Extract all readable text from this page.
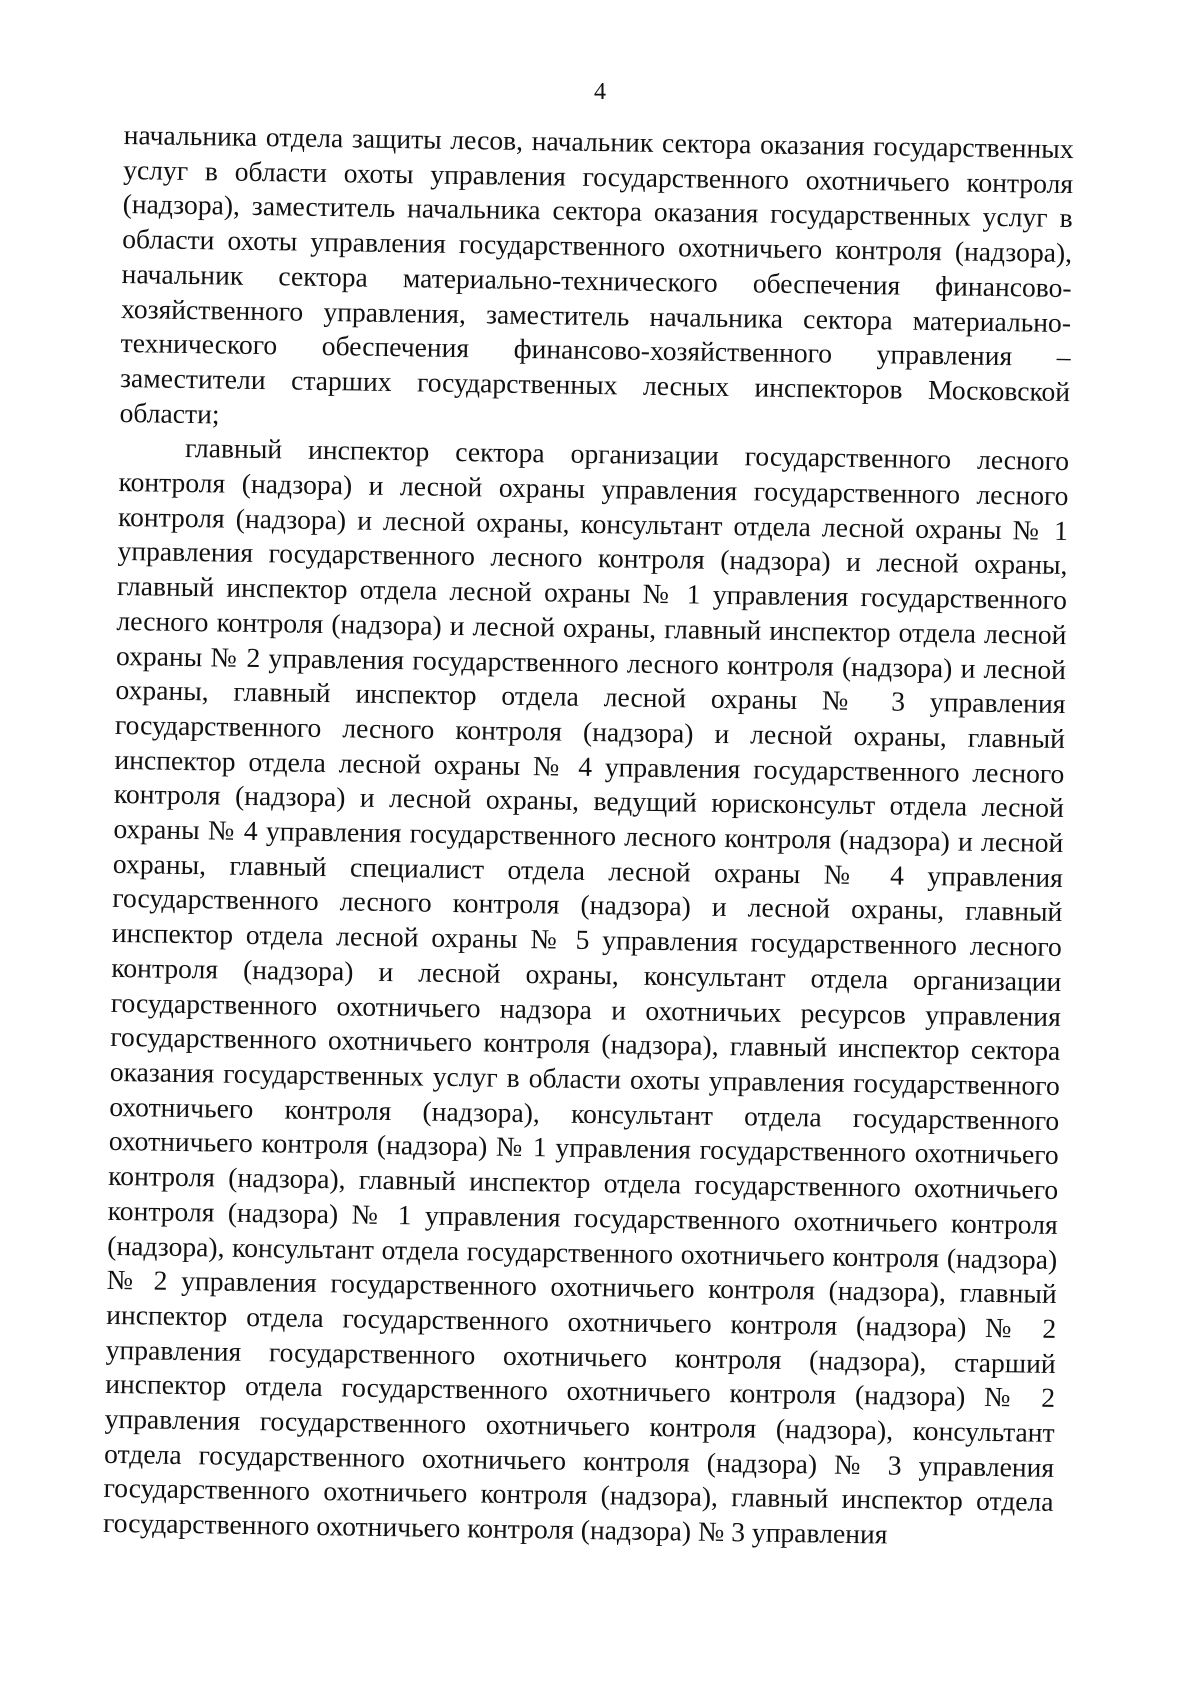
4

начальника отдела защиты лесов, начальник сектора оказания государственных услуг в области охоты управления государственного охотничьего контроля (надзора), заместитель начальника сектора оказания государственных услуг в области охоты управления государственного охотничьего контроля (надзора), начальник сектора материально-технического обеспечения финансово-хозяйственного управления, заместитель начальника сектора материально-технического обеспечения финансово-хозяйственного управления – заместители старших государственных лесных инспекторов Московской области;

главный инспектор сектора организации государственного лесного контроля (надзора) и лесной охраны управления государственного лесного контроля (надзора) и лесной охраны, консультант отдела лесной охраны № 1 управления государственного лесного контроля (надзора) и лесной охраны, главный инспектор отдела лесной охраны № 1 управления государственного лесного контроля (надзора) и лесной охраны, главный инспектор отдела лесной охраны № 2 управления государственного лесного контроля (надзора) и лесной охраны, главный инспектор отдела лесной охраны № 3 управления государственного лесного контроля (надзора) и лесной охраны, главный инспектор отдела лесной охраны № 4 управления государственного лесного контроля (надзора) и лесной охраны, ведущий юрисконсульт отдела лесной охраны № 4 управления государственного лесного контроля (надзора) и лесной охраны, главный специалист отдела лесной охраны № 4 управления государственного лесного контроля (надзора) и лесной охраны, главный инспектор отдела лесной охраны № 5 управления государственного лесного контроля (надзора) и лесной охраны, консультант отдела организации государственного охотничьего надзора и охотничьих ресурсов управления государственного охотничьего контроля (надзора), главный инспектор сектора оказания государственных услуг в области охоты управления государственного охотничьего контроля (надзора), консультант отдела государственного охотничьего контроля (надзора) № 1 управления государственного охотничьего контроля (надзора), главный инспектор отдела государственного охотничьего контроля (надзора) № 1 управления государственного охотничьего контроля (надзора), консультант отдела государственного охотничьего контроля (надзора) № 2 управления государственного охотничьего контроля (надзора), главный инспектор отдела государственного охотничьего контроля (надзора) № 2 управления государственного охотничьего контроля (надзора), старший инспектор отдела государственного охотничьего контроля (надзора) № 2 управления государственного охотничьего контроля (надзора), консультант отдела государственного охотничьего контроля (надзора) № 3 управления государственного охотничьего контроля (надзора), главный инспектор отдела государственного охотничьего контроля (надзора) № 3 управления
